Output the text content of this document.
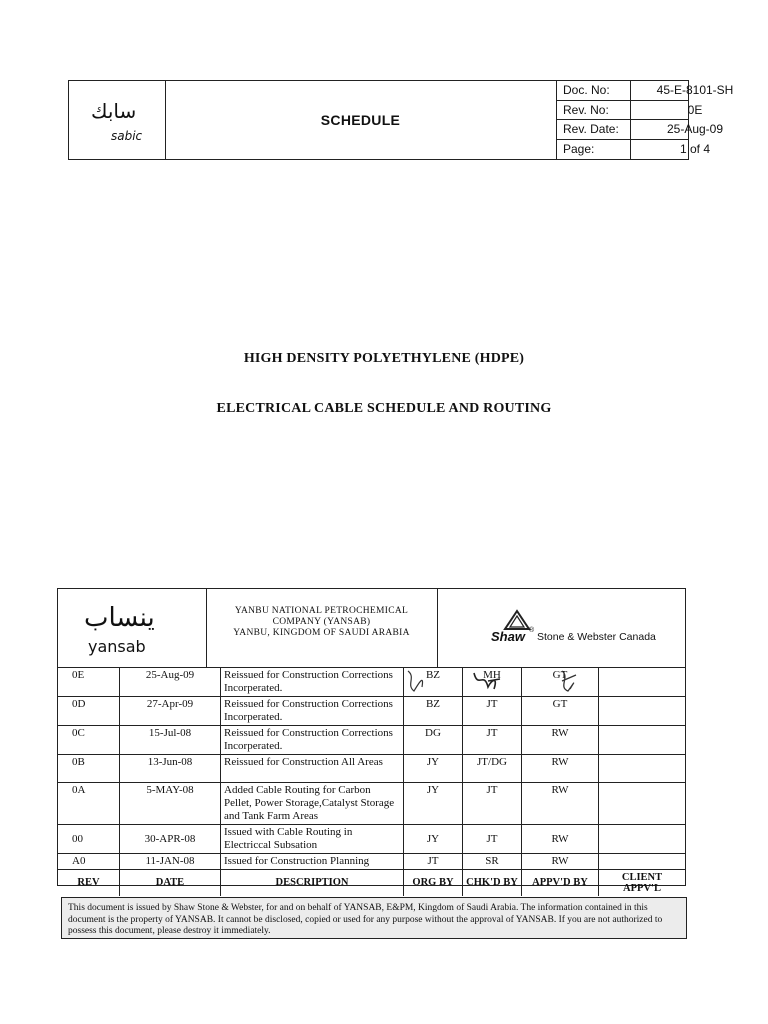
سابك
sabic
SCHEDULE
Doc. No:	45-E-8101-SH
Rev. No:	0E
Rev. Date:	25-Aug-09
Page:	1 of 4
HIGH DENSITY POLYETHYLENE (HDPE)
ELECTRICAL CABLE SCHEDULE AND ROUTING
ينساب
yansab
YANBU NATIONAL PETROCHEMICAL
COMPANY (YANSAB)
YANBU, KINGDOM OF SAUDI ARABIA	Shaw ®
Stone & Webster Canada
0E	25-Aug-09	Reissued for Construction Corrections Incorperated.	BZ	MH	GT	
0D	27-Apr-09	Reissued for Construction Corrections Incorperated.	BZ	JT	GT	
0C	15-Jul-08	Reissued for Construction Corrections Incorperated.	DG	JT	RW	
0B	13-Jun-08	Reissued for Construction All Areas	JY	JT/DG	RW	
0A	5-MAY-08	Added Cable Routing for Carbon Pellet, Power Storage,Catalyst Storage and Tank Farm Areas	JY	JT	RW	
00	30-APR-08	Issued with Cable Routing in Electriccal Subsation	JY	JT	RW	
A0	11-JAN-08	Issued for Construction Planning	JT	SR	RW	
REV	DATE	DESCRIPTION	ORG BY	CHK'D BY	APPV'D BY	CLIENT APPV'L
This document is issued by Shaw Stone & Webster, for and on behalf of YANSAB, E&PM, Kingdom of Saudi Arabia. The information contained in this document is the property of YANSAB. It cannot be disclosed, copied or used for any purpose without the approval of YANSAB. If you are not authorized to possess this document, please destroy it immediately.
